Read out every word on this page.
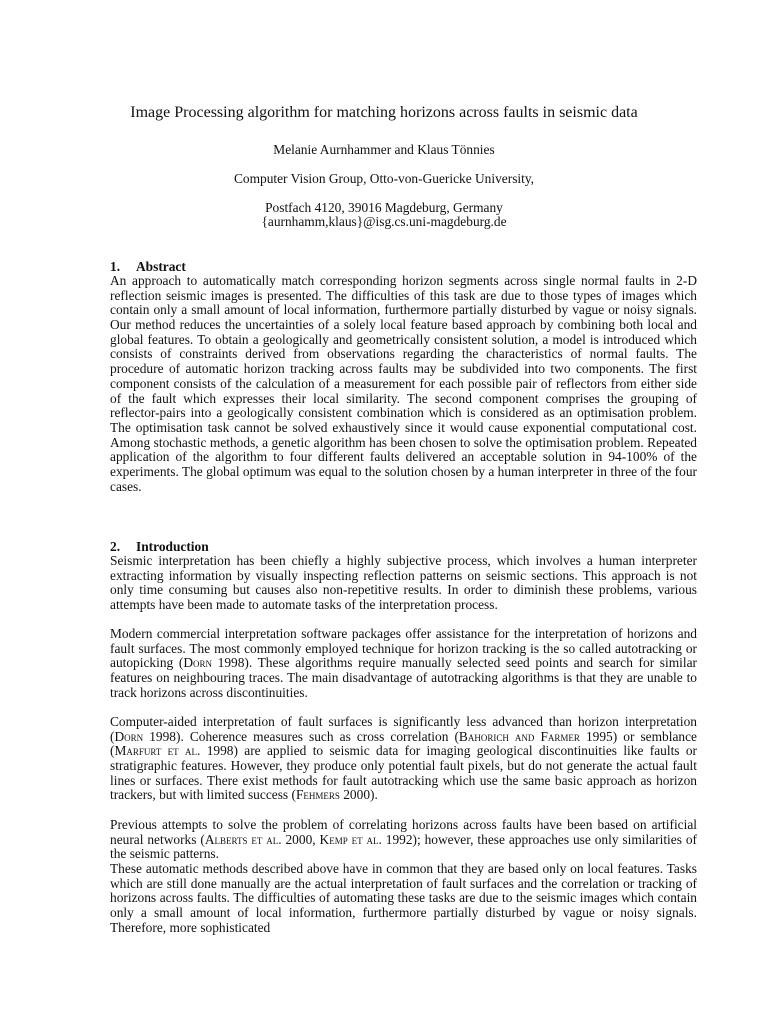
Image Processing algorithm for matching horizons across faults in seismic data
Melanie Aurnhammer and Klaus Tönnies
Computer Vision Group, Otto-von-Guericke University,
Postfach 4120, 39016 Magdeburg, Germany
{aurnhamm,klaus}@isg.cs.uni-magdeburg.de
1. Abstract
An approach to automatically match corresponding horizon segments across single normal faults in 2-D reflection seismic images is presented. The difficulties of this task are due to those types of images which contain only a small amount of local information, furthermore partially disturbed by vague or noisy signals. Our method reduces the uncertainties of a solely local feature based approach by combining both local and global features. To obtain a geologically and geometrically consistent solution, a model is introduced which consists of constraints derived from observations regarding the characteristics of normal faults. The procedure of automatic horizon tracking across faults may be subdivided into two components. The first component consists of the calculation of a measurement for each possible pair of reflectors from either side of the fault which expresses their local similarity. The second component comprises the grouping of reflector-pairs into a geologically consistent combination which is considered as an optimisation problem. The optimisation task cannot be solved exhaustively since it would cause exponential computational cost. Among stochastic methods, a genetic algorithm has been chosen to solve the optimisation problem. Repeated application of the algorithm to four different faults delivered an acceptable solution in 94-100% of the experiments. The global optimum was equal to the solution chosen by a human interpreter in three of the four cases.
2. Introduction
Seismic interpretation has been chiefly a highly subjective process, which involves a human interpreter extracting information by visually inspecting reflection patterns on seismic sections. This approach is not only time consuming but causes also non-repetitive results. In order to diminish these problems, various attempts have been made to automate tasks of the interpretation process.
Modern commercial interpretation software packages offer assistance for the interpretation of horizons and fault surfaces. The most commonly employed technique for horizon tracking is the so called autotracking or autopicking (Dorn 1998). These algorithms require manually selected seed points and search for similar features on neighbouring traces. The main disadvantage of autotracking algorithms is that they are unable to track horizons across discontinuities.
Computer-aided interpretation of fault surfaces is significantly less advanced than horizon interpretation (Dorn 1998). Coherence measures such as cross correlation (Bahorich and Farmer 1995) or semblance (Marfurt et al. 1998) are applied to seismic data for imaging geological discontinuities like faults or stratigraphic features. However, they produce only potential fault pixels, but do not generate the actual fault lines or surfaces. There exist methods for fault autotracking which use the same basic approach as horizon trackers, but with limited success (Fehmers 2000).
Previous attempts to solve the problem of correlating horizons across faults have been based on artificial neural networks (Alberts et al. 2000, Kemp et al. 1992); however, these approaches use only similarities of the seismic patterns.
These automatic methods described above have in common that they are based only on local features. Tasks which are still done manually are the actual interpretation of fault surfaces and the correlation or tracking of horizons across faults. The difficulties of automating these tasks are due to the seismic images which contain only a small amount of local information, furthermore partially disturbed by vague or noisy signals. Therefore, more sophisticated
